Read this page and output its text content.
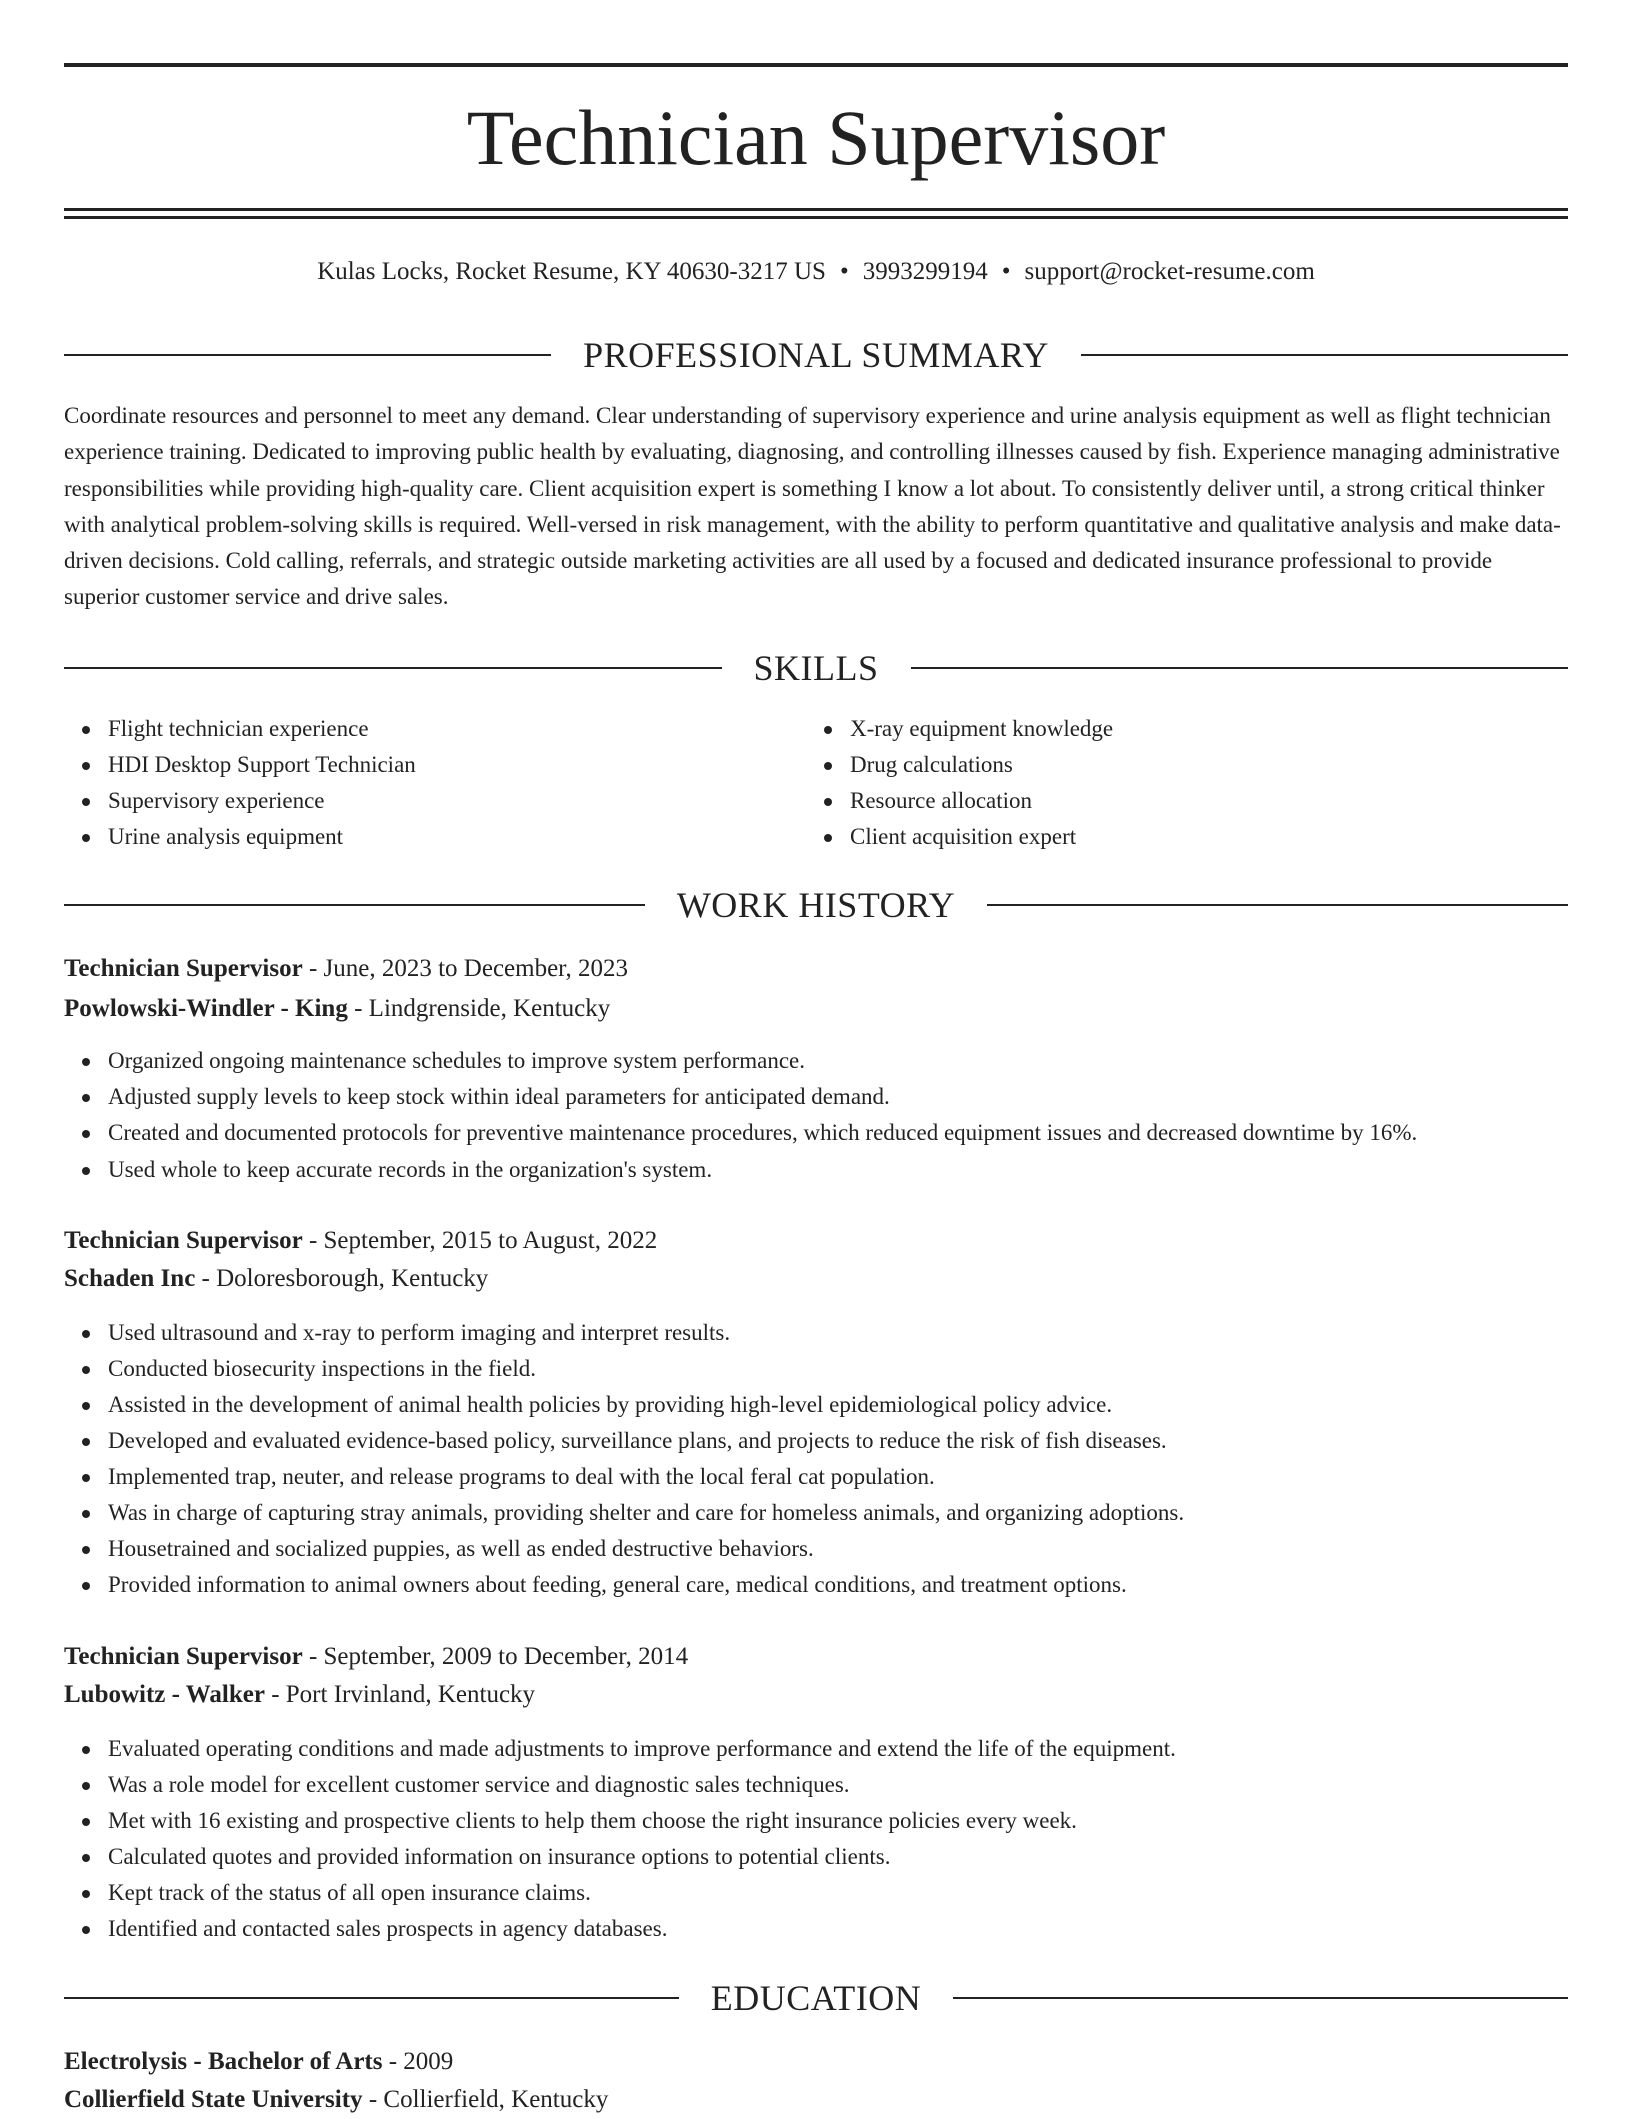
Technician Supervisor
Kulas Locks, Rocket Resume, KY 40630-3217 US • 3993299194 • support@rocket-resume.com
PROFESSIONAL SUMMARY
Coordinate resources and personnel to meet any demand. Clear understanding of supervisory experience and urine analysis equipment as well as flight technician experience training. Dedicated to improving public health by evaluating, diagnosing, and controlling illnesses caused by fish. Experience managing administrative responsibilities while providing high-quality care. Client acquisition expert is something I know a lot about. To consistently deliver until, a strong critical thinker with analytical problem-solving skills is required. Well-versed in risk management, with the ability to perform quantitative and qualitative analysis and make data-driven decisions. Cold calling, referrals, and strategic outside marketing activities are all used by a focused and dedicated insurance professional to provide superior customer service and drive sales.
SKILLS
Flight technician experience
HDI Desktop Support Technician
Supervisory experience
Urine analysis equipment
X-ray equipment knowledge
Drug calculations
Resource allocation
Client acquisition expert
WORK HISTORY
Technician Supervisor - June, 2023 to December, 2023
Powlowski-Windler - King - Lindgrenside, Kentucky
Organized ongoing maintenance schedules to improve system performance.
Adjusted supply levels to keep stock within ideal parameters for anticipated demand.
Created and documented protocols for preventive maintenance procedures, which reduced equipment issues and decreased downtime by 16%.
Used whole to keep accurate records in the organization's system.
Technician Supervisor - September, 2015 to August, 2022
Schaden Inc - Doloresborough, Kentucky
Used ultrasound and x-ray to perform imaging and interpret results.
Conducted biosecurity inspections in the field.
Assisted in the development of animal health policies by providing high-level epidemiological policy advice.
Developed and evaluated evidence-based policy, surveillance plans, and projects to reduce the risk of fish diseases.
Implemented trap, neuter, and release programs to deal with the local feral cat population.
Was in charge of capturing stray animals, providing shelter and care for homeless animals, and organizing adoptions.
Housetrained and socialized puppies, as well as ended destructive behaviors.
Provided information to animal owners about feeding, general care, medical conditions, and treatment options.
Technician Supervisor - September, 2009 to December, 2014
Lubowitz - Walker - Port Irvinland, Kentucky
Evaluated operating conditions and made adjustments to improve performance and extend the life of the equipment.
Was a role model for excellent customer service and diagnostic sales techniques.
Met with 16 existing and prospective clients to help them choose the right insurance policies every week.
Calculated quotes and provided information on insurance options to potential clients.
Kept track of the status of all open insurance claims.
Identified and contacted sales prospects in agency databases.
EDUCATION
Electrolysis - Bachelor of Arts - 2009
Collierfield State University - Collierfield, Kentucky
